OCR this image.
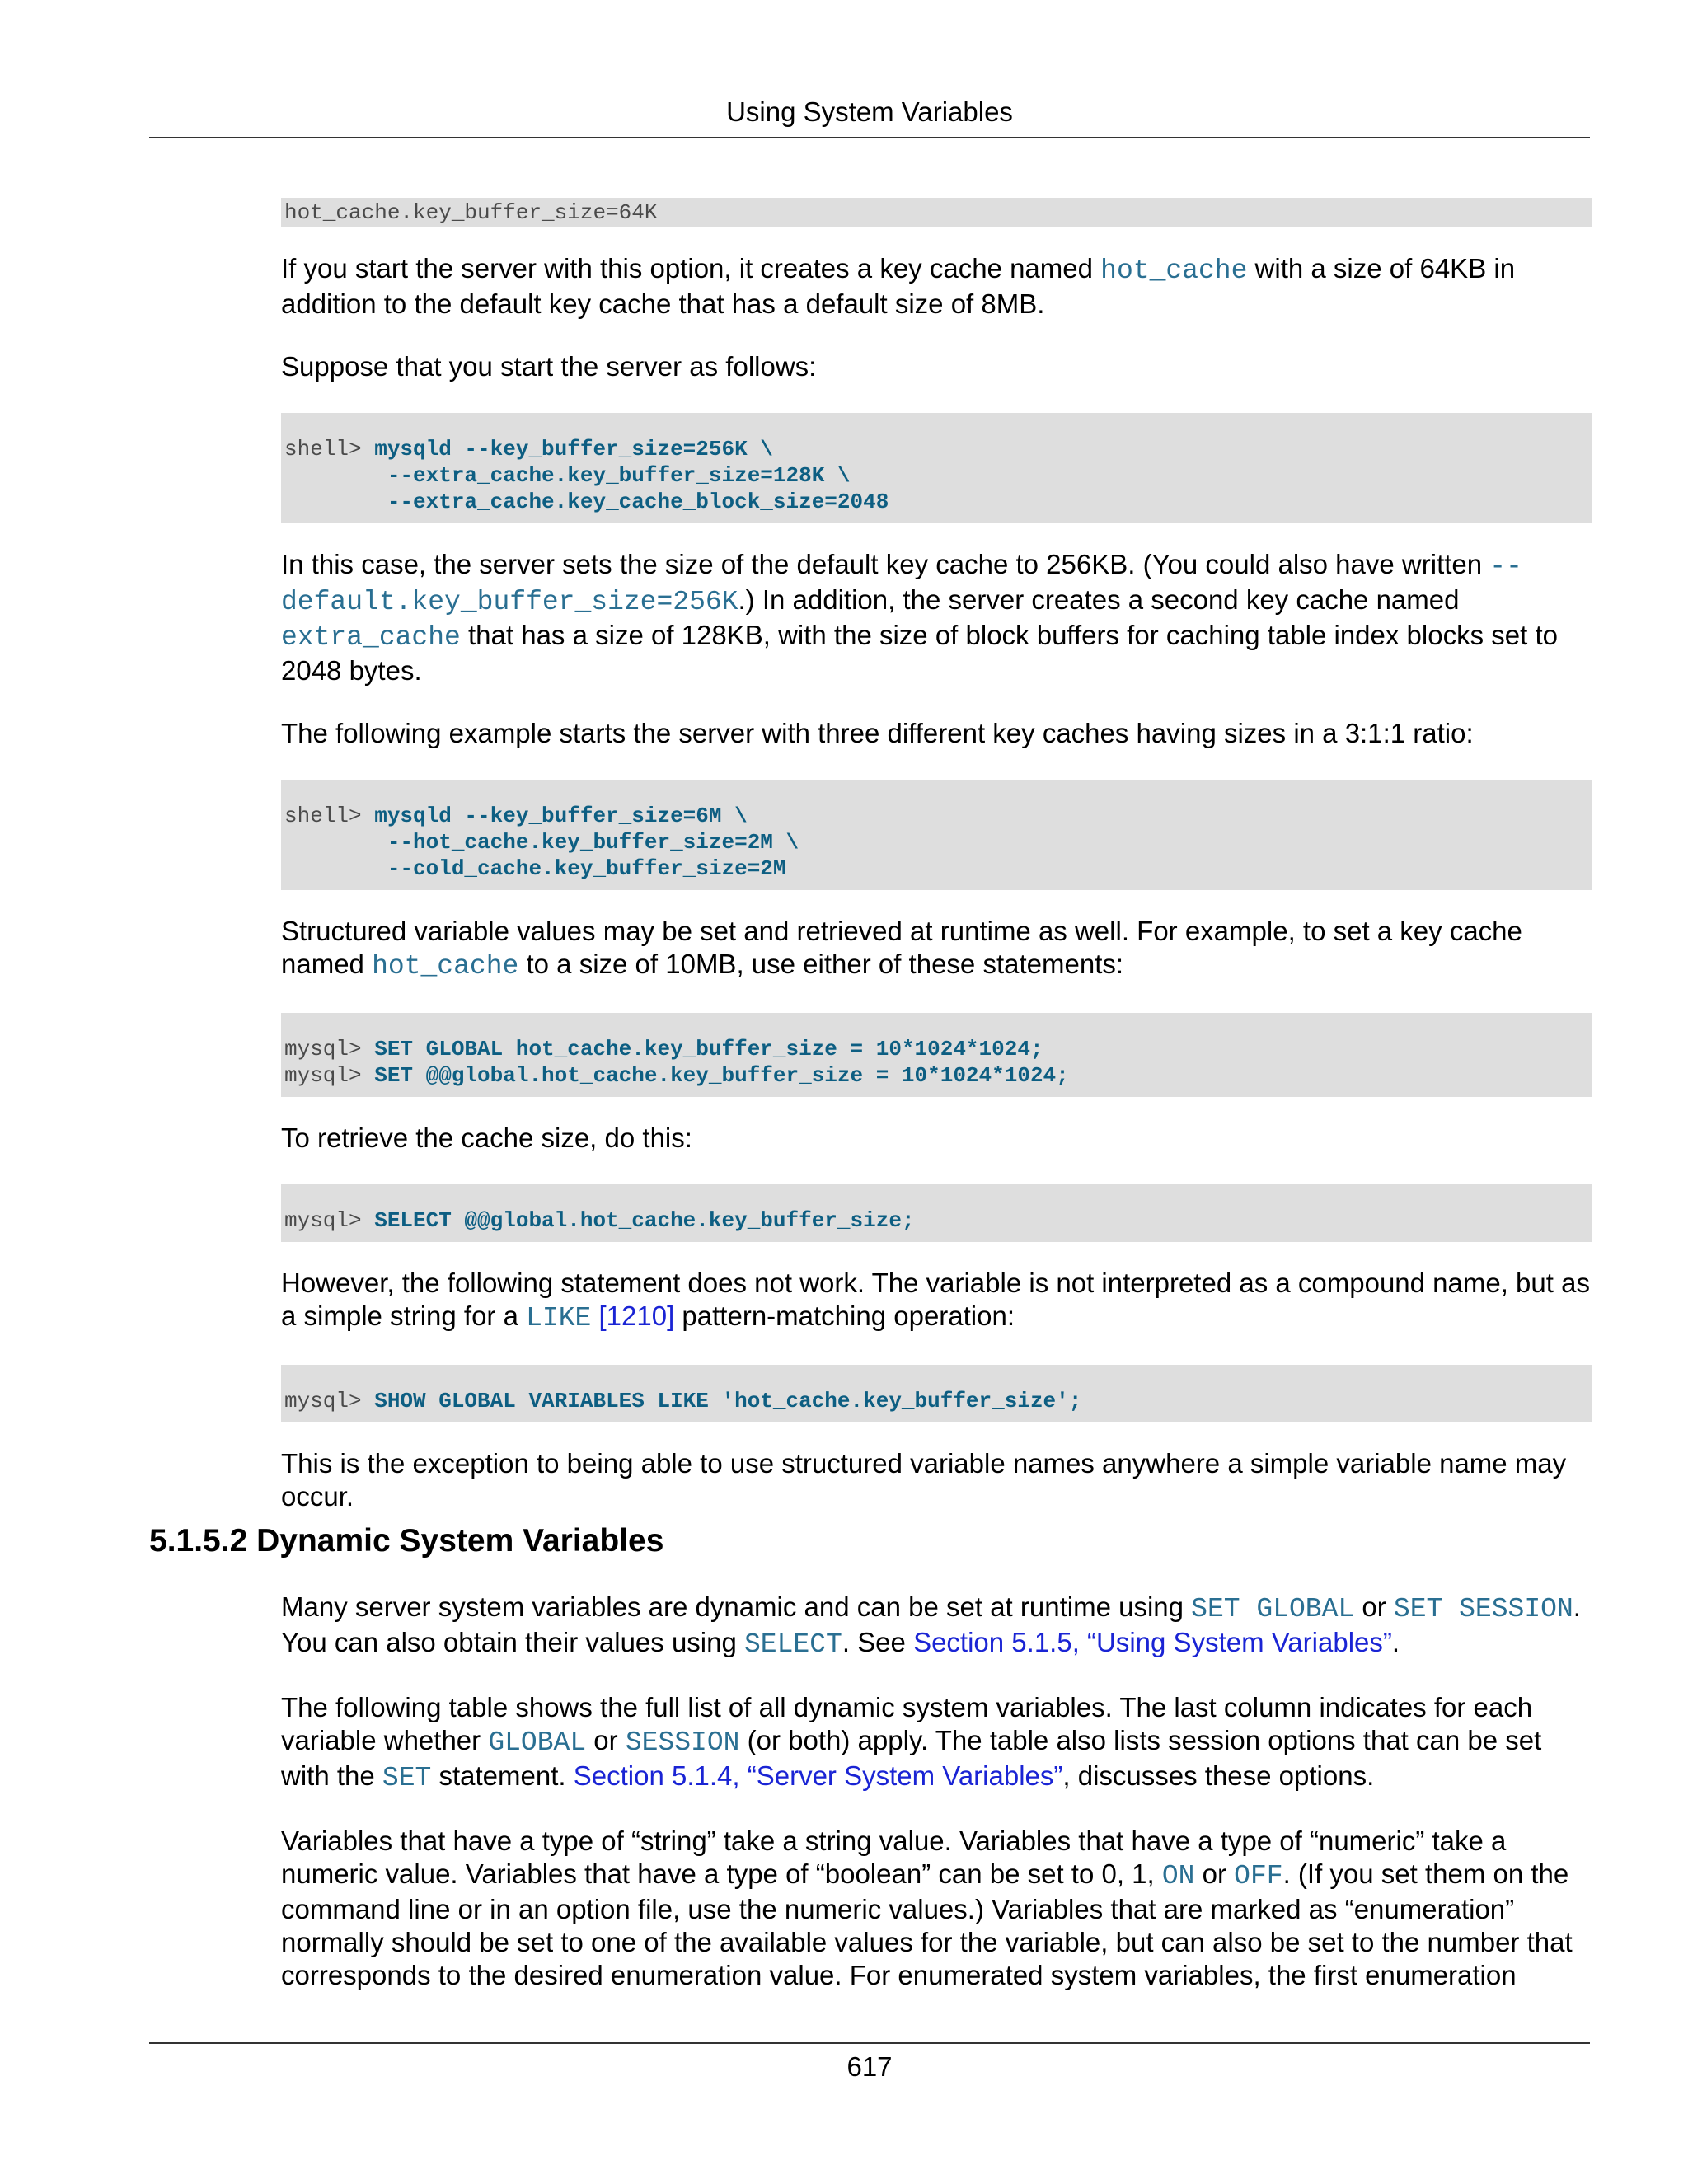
Using System Variables
hot_cache.key_buffer_size=64K

If you start the server with this option, it creates a key cache named hot_cache with a size of 64KB in addition to the default key cache that has a default size of 8MB.

Suppose that you start the server as follows:

shell> mysqld --key_buffer_size=256K \
--extra_cache.key_buffer_size=128K \
--extra_cache.key_cache_block_size=2048

In this case, the server sets the size of the default key cache to 256KB. (You could also have written --default.key_buffer_size=256K.) In addition, the server creates a second key cache named extra_cache that has a size of 128KB, with the size of block buffers for caching table index blocks set to 2048 bytes.

The following example starts the server with three different key caches having sizes in a 3:1:1 ratio:

shell> mysqld --key_buffer_size=6M \
--hot_cache.key_buffer_size=2M \
--cold_cache.key_buffer_size=2M

Structured variable values may be set and retrieved at runtime as well. For example, to set a key cache named hot_cache to a size of 10MB, use either of these statements:

mysql> SET GLOBAL hot_cache.key_buffer_size = 10*1024*1024;
mysql> SET @@global.hot_cache.key_buffer_size = 10*1024*1024;

To retrieve the cache size, do this:

mysql> SELECT @@global.hot_cache.key_buffer_size;

However, the following statement does not work. The variable is not interpreted as a compound name, but as a simple string for a LIKE [1210] pattern-matching operation:

mysql> SHOW GLOBAL VARIABLES LIKE 'hot_cache.key_buffer_size';

This is the exception to being able to use structured variable names anywhere a simple variable name may occur.

5.1.5.2 Dynamic System Variables

Many server system variables are dynamic and can be set at runtime using SET GLOBAL or SET SESSION. You can also obtain their values using SELECT. See Section 5.1.5, “Using System Variables”.

The following table shows the full list of all dynamic system variables. The last column indicates for each variable whether GLOBAL or SESSION (or both) apply. The table also lists session options that can be set with the SET statement. Section 5.1.4, “Server System Variables”, discusses these options.

Variables that have a type of “string” take a string value. Variables that have a type of “numeric” take a numeric value. Variables that have a type of “boolean” can be set to 0, 1, ON or OFF. (If you set them on the command line or in an option file, use the numeric values.) Variables that are marked as “enumeration” normally should be set to one of the available values for the variable, but can also be set to the number that corresponds to the desired enumeration value. For enumerated system variables, the first enumeration

617
